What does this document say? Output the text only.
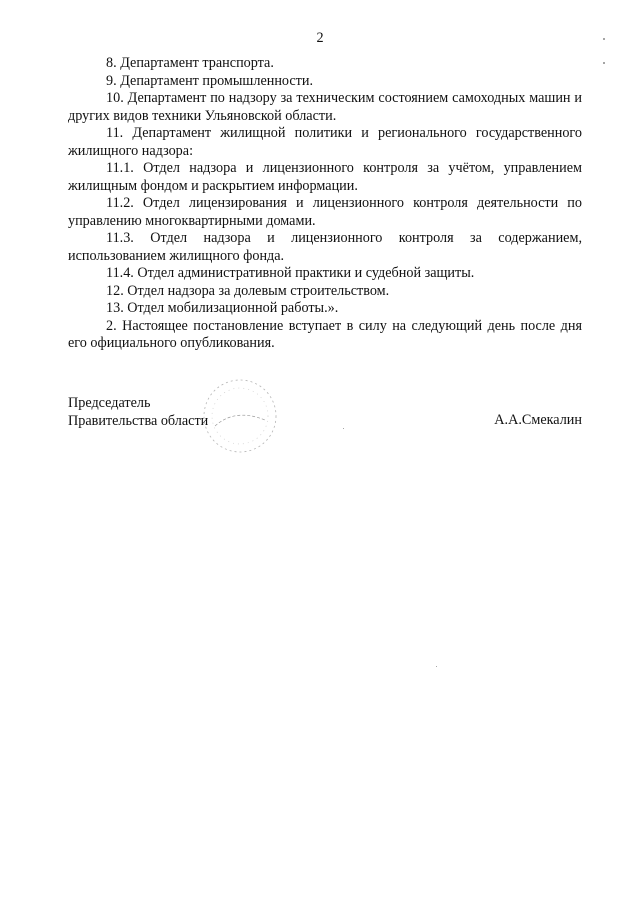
2

8. Департамент транспорта.

9. Департамент промышленности.

10. Департамент по надзору за техническим состоянием самоходных машин и других видов техники Ульяновской области.

11. Департамент жилищной политики и регионального государственного жилищного надзора:

11.1. Отдел надзора и лицензионного контроля за учётом, управлением жилищным фондом и раскрытием информации.

11.2. Отдел лицензирования и лицензионного контроля деятельности по управлению многоквартирными домами.

11.3. Отдел надзора и лицензионного контроля за содержанием, использованием жилищного фонда.

11.4. Отдел административной практики и судебной защиты.

12. Отдел надзора за долевым строительством.

13. Отдел мобилизационной работы.».

2. Настоящее постановление вступает в силу на следующий день после дня его официального опубликования.

Председатель
Правительства области	А.А.Смекалин
